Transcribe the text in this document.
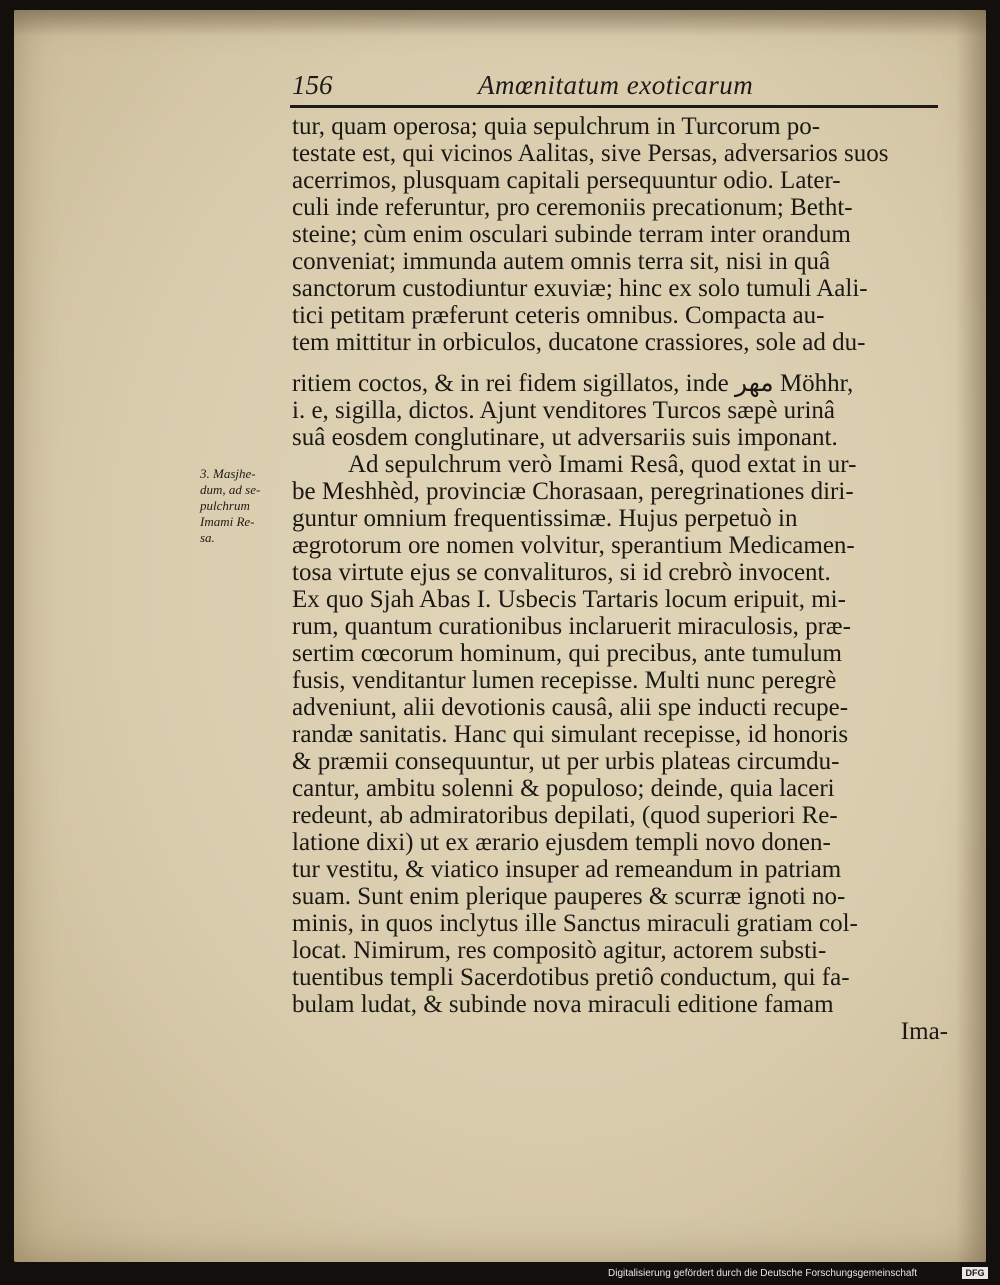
156	Amœnitatum exoticarum
3. Masjhe-
dum, ad se-
pulchrum
Imami Re-
sa.
tur, quam operosa; quia sepulchrum in Turcorum po-
testate est, qui vicinos Aalitas, sive Persas, adversarios suos
acerrimos, plusquam capitali persequuntur odio. Later-
culi inde referuntur, pro ceremoniis precationum; Betht-
steine; cùm enim osculari subinde terram inter orandum
conveniat; immunda autem omnis terra sit, nisi in quâ
sanctorum custodiuntur exuviæ; hinc ex solo tumuli Aali-
tici petitam præferunt ceteris omnibus. Compacta au-
tem mittitur in orbiculos, ducatone crassiores, sole ad du-
ritiem coctos, & in rei fidem sigillatos, inde مهر Möhhr,
i. e, sigilla, dictos. Ajunt venditores Turcos sæpè urinâ
suâ eosdem conglutinare, ut adversariis suis imponant.
Ad sepulchrum verò Imami Resâ, quod extat in ur-
be Meshhèd, provinciæ Chorasaan, peregrinationes diri-
guntur omnium frequentissimæ. Hujus perpetuò in
ægrotorum ore nomen volvitur, sperantium Medicamen-
tosa virtute ejus se convalituros, si id crebrò invocent.
Ex quo Sjah Abas I. Usbecis Tartaris locum eripuit, mi-
rum, quantum curationibus inclaruerit miraculosis, præ-
sertim cœcorum hominum, qui precibus, ante tumulum
fusis, venditantur lumen recepisse. Multi nunc peregrè
adveniunt, alii devotionis causâ, alii spe inducti recupe-
randæ sanitatis. Hanc qui simulant recepisse, id honoris
& præmii consequuntur, ut per urbis plateas circumdu-
cantur, ambitu solenni & populoso; deinde, quia laceri
redeunt, ab admiratoribus depilati, (quod superiori Re-
latione dixi) ut ex ærario ejusdem templi novo donen-
tur vestitu, & viatico insuper ad remeandum in patriam
suam. Sunt enim plerique pauperes & scurræ ignoti no-
minis, in quos inclytus ille Sanctus miraculi gratiam col-
locat. Nimirum, res compositò agitur, actorem substi-
tuentibus templi Sacerdotibus pretiô conductum, qui fa-
bulam ludat, & subinde nova miraculi editione famam
Ima-
Digitalisierung gefördert durch die Deutsche Forschungsgemeinschaft	DFG
